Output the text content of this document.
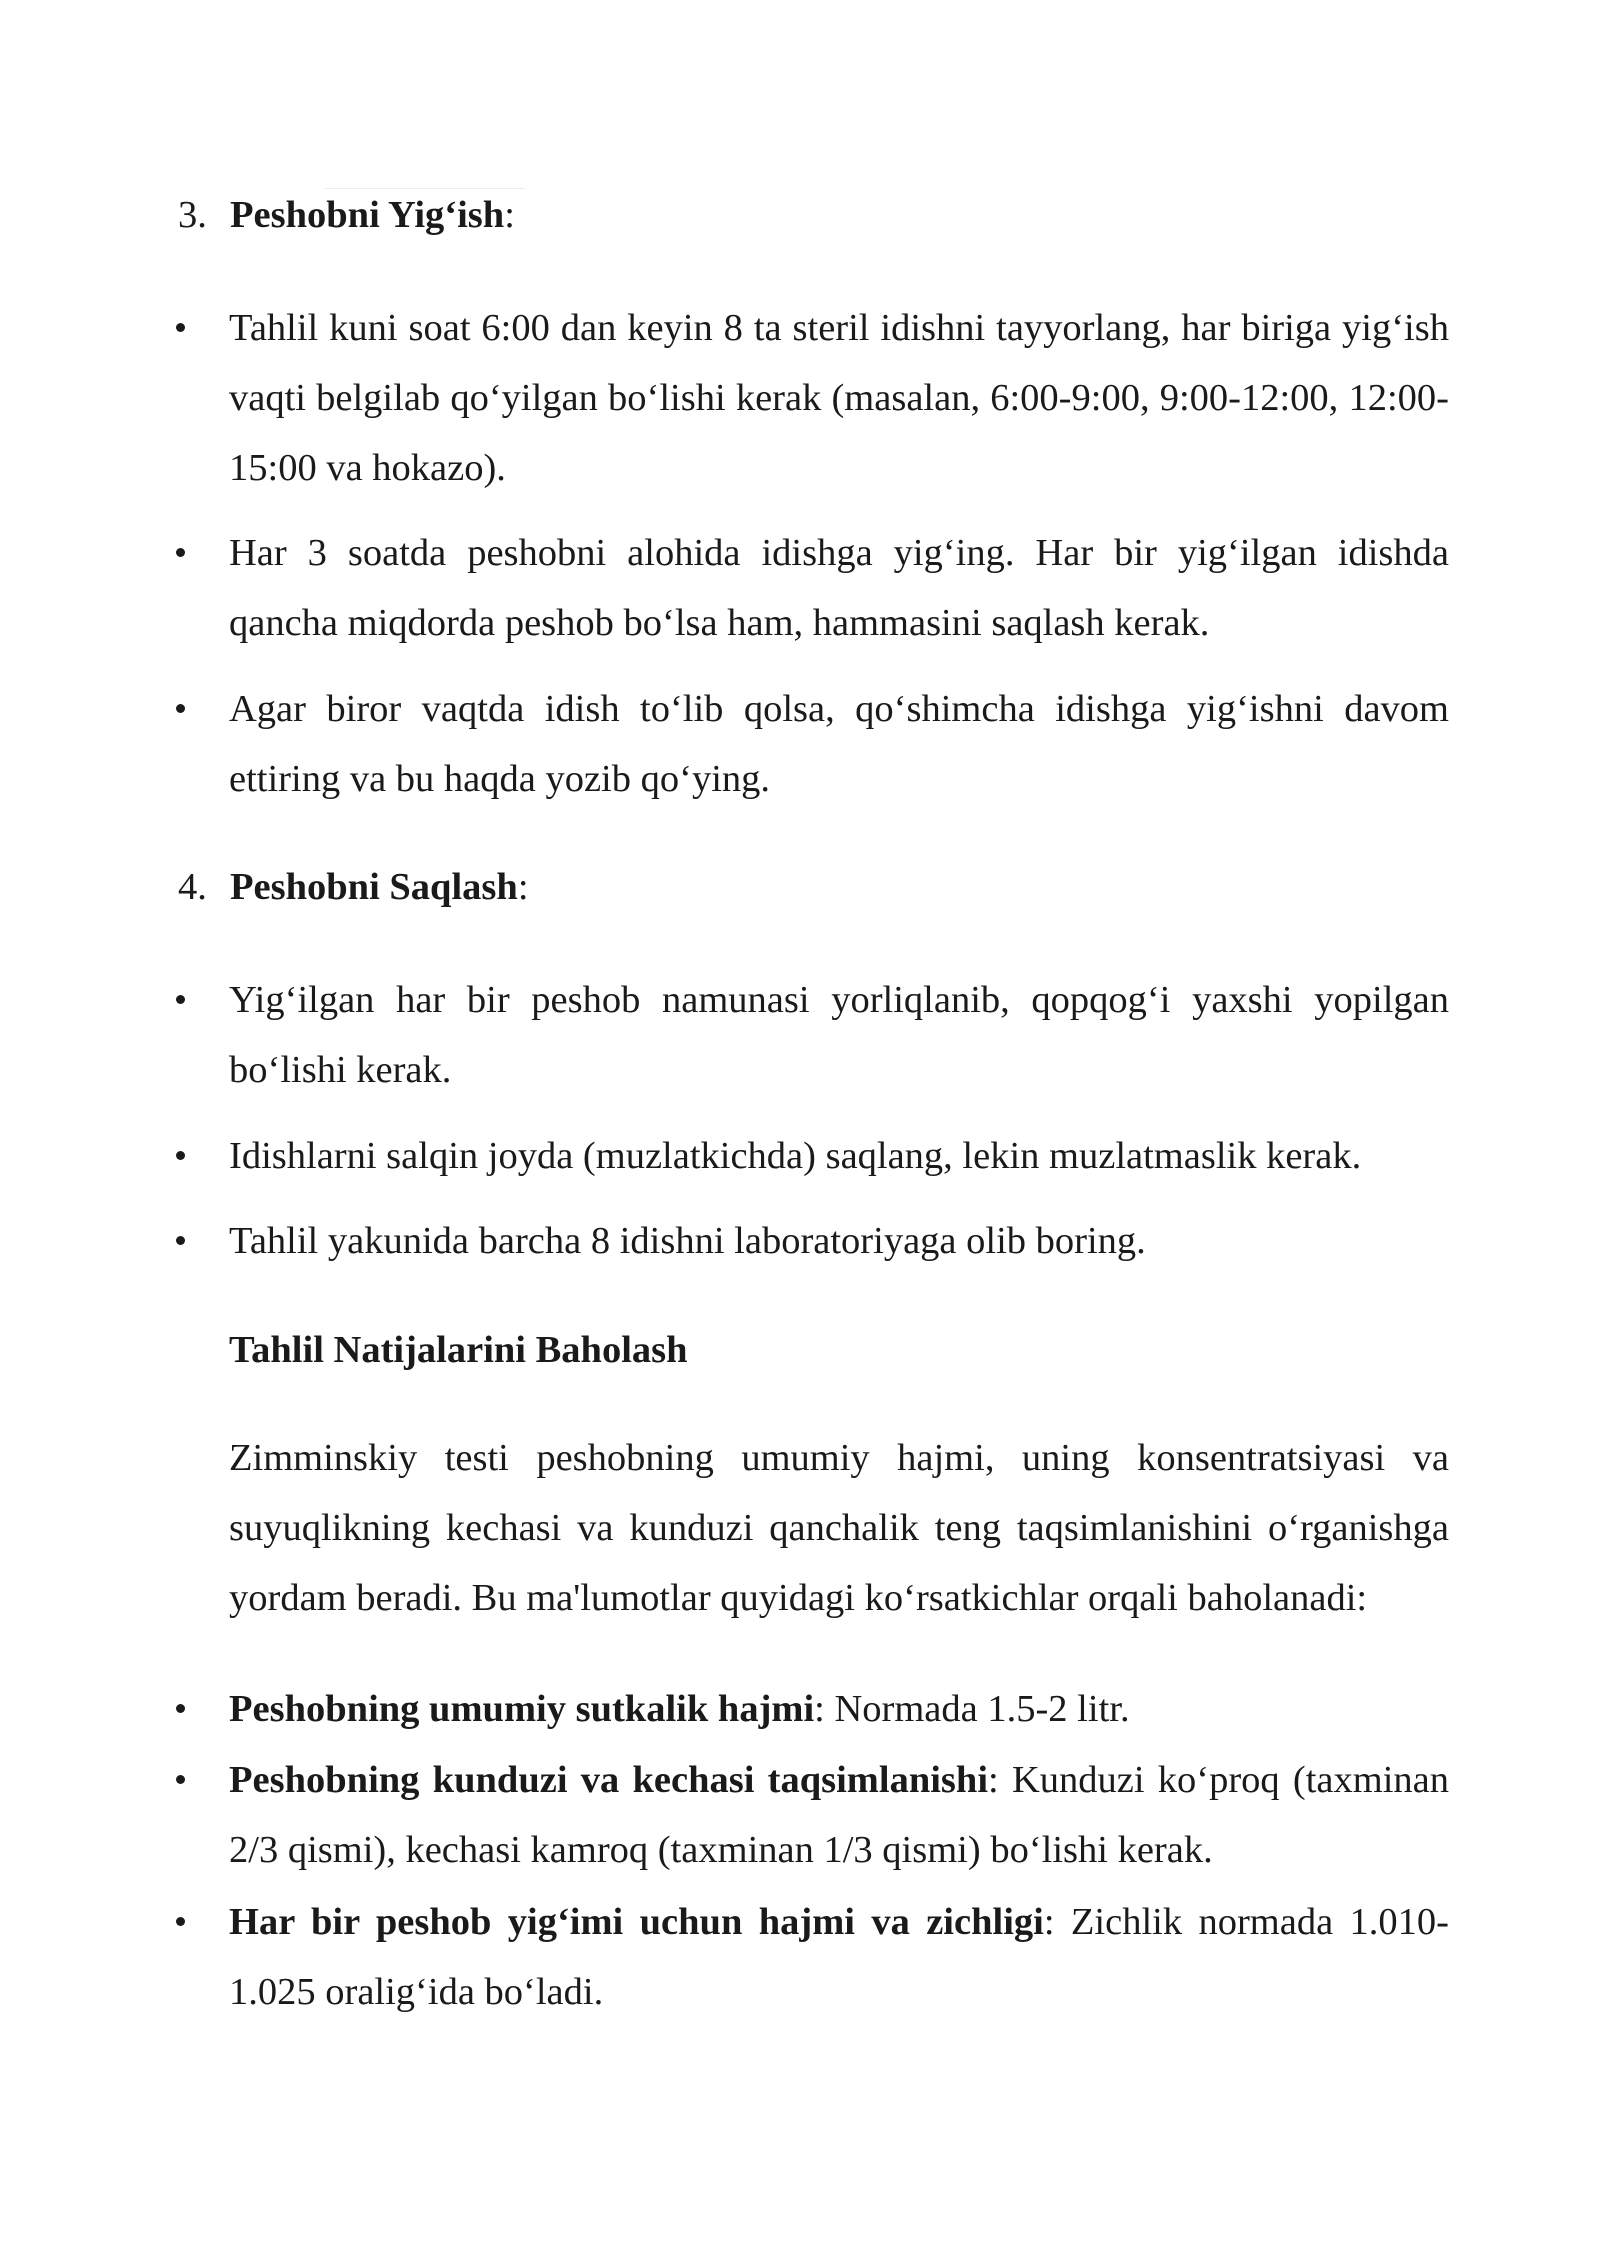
3. Peshobni Yig‘ish:
Tahlil kuni soat 6:00 dan keyin 8 ta steril idishni tayyorlang, har biriga yig‘ish vaqti belgilab qo‘yilgan bo‘lishi kerak (masalan, 6:00-9:00, 9:00-12:00, 12:00-15:00 va hokazo).
Har 3 soatda peshobni alohida idishga yig‘ing. Har bir yig‘ilgan idishda qancha miqdorda peshob bo‘lsa ham, hammasini saqlash kerak.
Agar biror vaqtda idish to‘lib qolsa, qo‘shimcha idishga yig‘ishni davom ettiring va bu haqda yozib qo‘ying.
4. Peshobni Saqlash:
Yig‘ilgan har bir peshob namunasi yorliqlanib, qopqog‘i yaxshi yopilgan bo‘lishi kerak.
Idishlarni salqin joyda (muzlatkichda) saqlang, lekin muzlatmaslik kerak.
Tahlil yakunida barcha 8 idishni laboratoriyaga olib boring.
Tahlil Natijalarini Baholash
Zimminskiy testi peshobning umumiy hajmi, uning konsentratsiyasi va suyuqlikning kechasi va kunduzi qanchalik teng taqsimlanishini o‘rganishga yordam beradi. Bu ma'lumotlar quyidagi ko‘rsatkichlar orqali baholanadi:
Peshobning umumiy sutkalik hajmi: Normada 1.5-2 litr.
Peshobning kunduzi va kechasi taqsimlanishi: Kunduzi ko‘proq (taxminan 2/3 qismi), kechasi kamroq (taxminan 1/3 qismi) bo‘lishi kerak.
Har bir peshob yig‘imi uchun hajmi va zichligi: Zichlik normada 1.010-1.025 oralig‘ida bo‘ladi.
